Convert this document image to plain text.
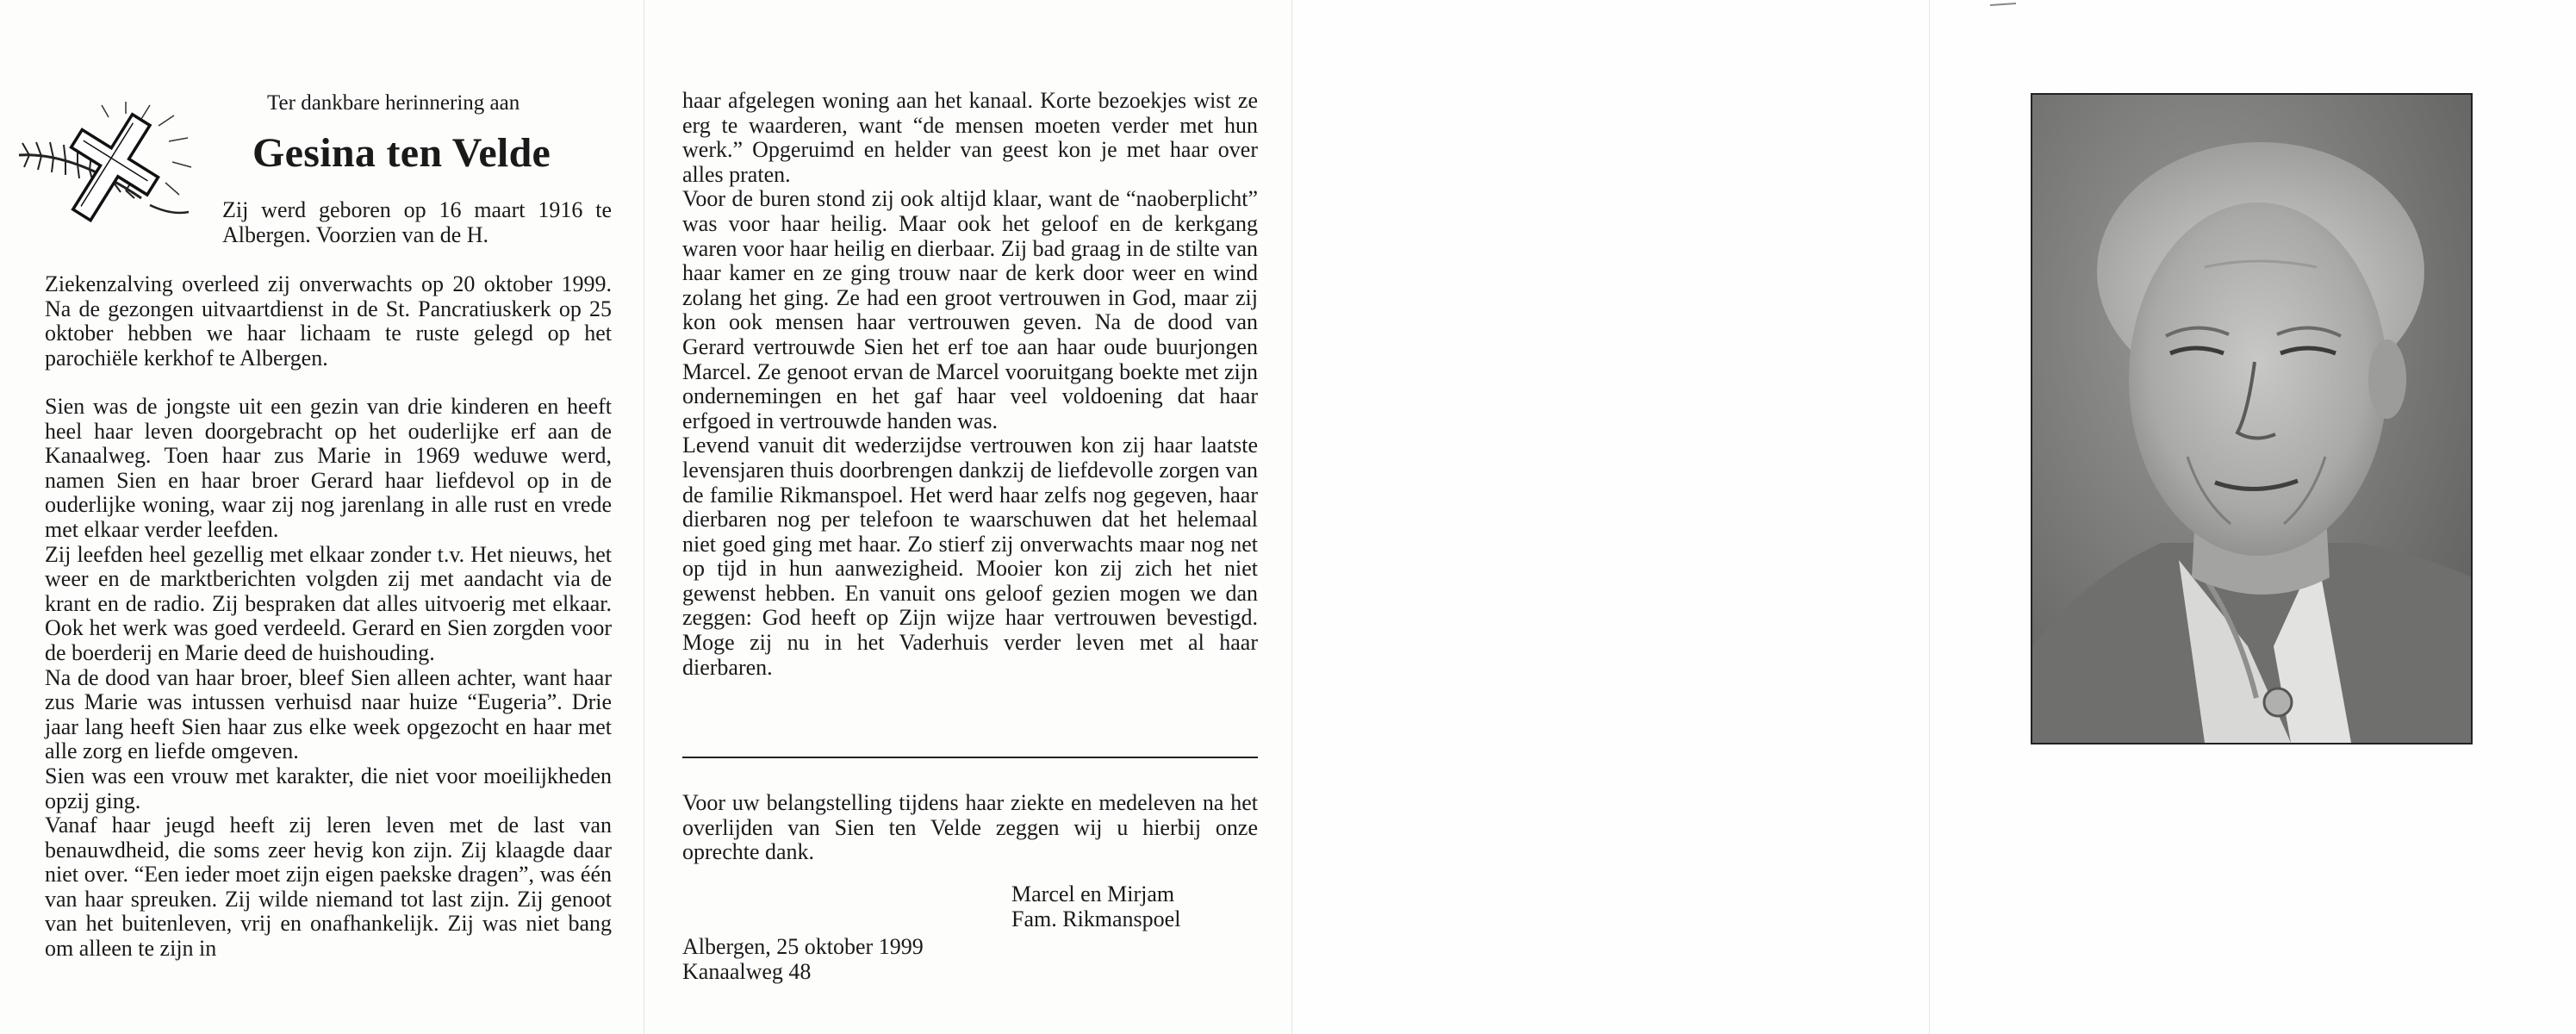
Ter dankbare herinnering aan
Gesina ten Velde
Zij werd geboren op 16 maart 1916 te Albergen. Voorzien van de H.
Ziekenzalving overleed zij onverwachts op 20 oktober 1999. Na de gezongen uitvaartdienst in de St. Pancratiuskerk op 25 oktober hebben we haar lichaam te ruste gelegd op het parochiële kerkhof te Albergen.

Sien was de jongste uit een gezin van drie kinderen en heeft heel haar leven doorgebracht op het ouderlijke erf aan de Kanaalweg. Toen haar zus Marie in 1969 weduwe werd, namen Sien en haar broer Gerard haar liefdevol op in de ouderlijke woning, waar zij nog jarenlang in alle rust en vrede met elkaar verder leefden.

Zij leefden heel gezellig met elkaar zonder t.v. Het nieuws, het weer en de marktberichten volgden zij met aandacht via de krant en de radio. Zij bespraken dat alles uitvoerig met elkaar. Ook het werk was goed verdeeld. Gerard en Sien zorgden voor de boerderij en Marie deed de huishouding.

Na de dood van haar broer, bleef Sien alleen achter, want haar zus Marie was intussen verhuisd naar huize “Eugeria”. Drie jaar lang heeft Sien haar zus elke week opgezocht en haar met alle zorg en liefde omgeven.

Sien was een vrouw met karakter, die niet voor moeilijkheden opzij ging.

Vanaf haar jeugd heeft zij leren leven met de last van benauwdheid, die soms zeer hevig kon zijn. Zij klaagde daar niet over. “Een ieder moet zijn eigen paekske dragen”, was één van haar spreuken. Zij wilde niemand tot last zijn. Zij genoot van het buitenleven, vrij en onafhankelijk. Zij was niet bang om alleen te zijn in

haar afgelegen woning aan het kanaal. Korte bezoekjes wist ze erg te waarderen, want “de mensen moeten verder met hun werk.” Opgeruimd en helder van geest kon je met haar over alles praten.

Voor de buren stond zij ook altijd klaar, want de “naoberplicht” was voor haar heilig. Maar ook het geloof en de kerkgang waren voor haar heilig en dierbaar. Zij bad graag in de stilte van haar kamer en ze ging trouw naar de kerk door weer en wind zolang het ging. Ze had een groot vertrouwen in God, maar zij kon ook mensen haar vertrouwen geven. Na de dood van Gerard vertrouwde Sien het erf toe aan haar oude buurjongen Marcel. Ze genoot ervan de Marcel vooruitgang boekte met zijn ondernemingen en het gaf haar veel voldoening dat haar erfgoed in vertrouwde handen was.

Levend vanuit dit wederzijdse vertrouwen kon zij haar laatste levensjaren thuis doorbrengen dankzij de liefdevolle zorgen van de familie Rikmanspoel. Het werd haar zelfs nog gegeven, haar dierbaren nog per telefoon te waarschuwen dat het helemaal niet goed ging met haar. Zo stierf zij onverwachts maar nog net op tijd in hun aanwezigheid. Mooier kon zij zich het niet gewenst hebben. En vanuit ons geloof gezien mogen we dan zeggen: God heeft op Zijn wijze haar vertrouwen bevestigd. Moge zij nu in het Vaderhuis verder leven met al haar dierbaren.

Voor uw belangstelling tijdens haar ziekte en medeleven na het overlijden van Sien ten Velde zeggen wij u hierbij onze oprechte dank.
Marcel en Mirjam
Fam. Rikmanspoel
Albergen, 25 oktober 1999
Kanaalweg 48
